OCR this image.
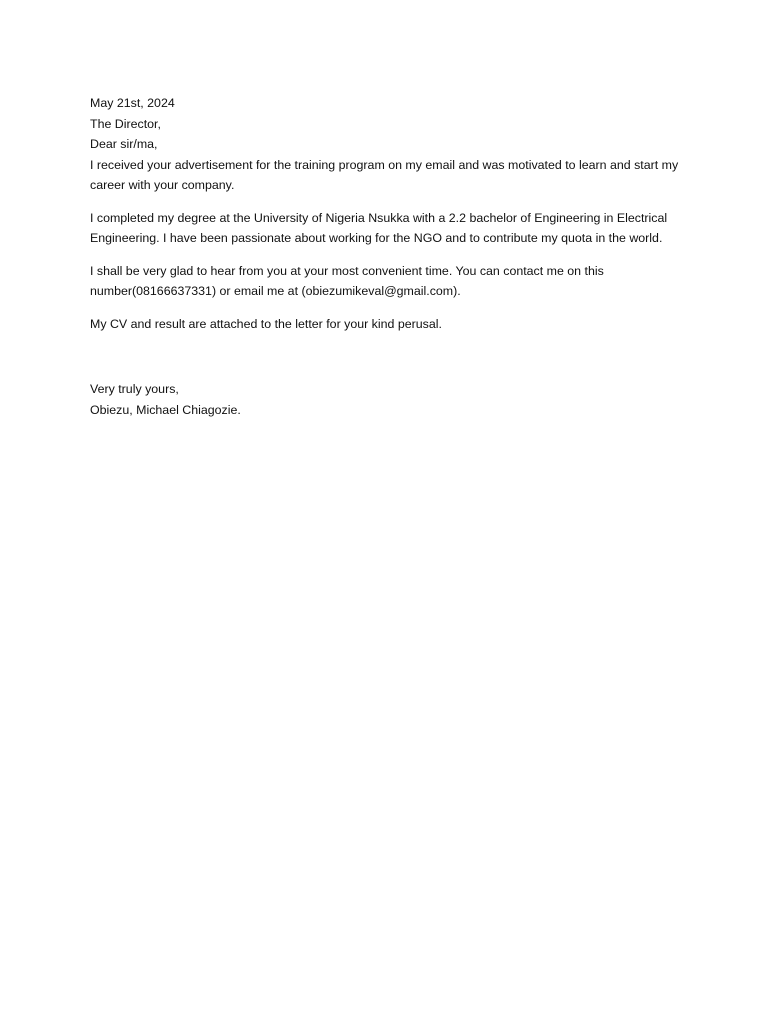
May 21st, 2024

The Director,

Dear sir/ma,

I received your advertisement for the training program on my email and was motivated to learn and start my career with your company.

I completed my degree at the University of Nigeria Nsukka with a 2.2 bachelor of Engineering in Electrical Engineering. I have been passionate about working for the NGO and to contribute my quota in the world.

I shall be very glad to hear from you at your most convenient time. You can contact me on this number(08166637331) or email me at (obiezumikeval@gmail.com).

My CV and result are attached to the letter for your kind perusal.

Very truly yours,

Obiezu, Michael Chiagozie.
